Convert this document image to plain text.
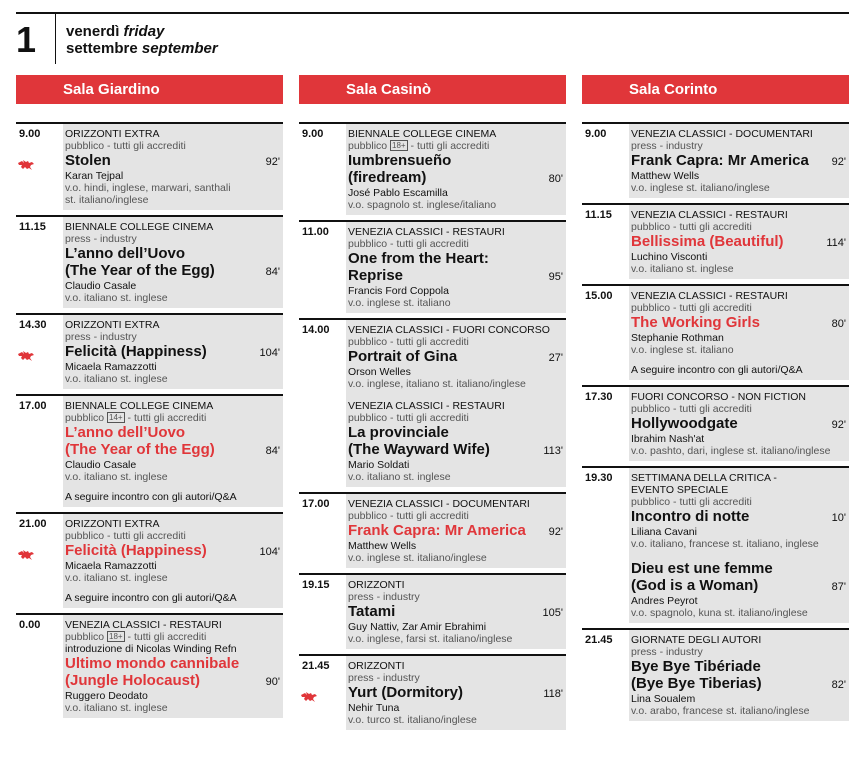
1 venerdì friday
settembre september
Sala Giardino
9.00 ORIZZONTI EXTRA
pubblico - tutti gli accrediti
Stolen	92'
Karan Tejpal
v.o. hindi, inglese, marwari, santhali
st. italiano/inglese
11.15 BIENNALE COLLEGE CINEMA
press - industry
L’anno dell’Uovo
(The Year of the Egg)	84'
Claudio Casale
v.o. italiano st. inglese
14.30 ORIZZONTI EXTRA
press - industry
Felicità (Happiness)	104'
Micaela Ramazzotti
v.o. italiano st. inglese
17.00 BIENNALE COLLEGE CINEMA
pubblico 14+ - tutti gli accrediti
L’anno dell’Uovo
(The Year of the Egg)	84'
Claudio Casale
v.o. italiano st. inglese
A seguire incontro con gli autori/Q&A
21.00 ORIZZONTI EXTRA
pubblico - tutti gli accrediti
Felicità (Happiness)	104'
Micaela Ramazzotti
v.o. italiano st. inglese
A seguire incontro con gli autori/Q&A
0.00 VENEZIA CLASSICI - RESTAURI
pubblico 18+ - tutti gli accrediti
introduzione di Nicolas Winding Refn
Ultimo mondo cannibale
(Jungle Holocaust)	90'
Ruggero Deodato
v.o. italiano st. inglese
Sala Casinò
9.00 BIENNALE COLLEGE CINEMA
pubblico 18+ - tutti gli accrediti
Iumbrensueño
(firedream)	80'
José Pablo Escamilla
v.o. spagnolo st. inglese/italiano
11.00 VENEZIA CLASSICI - RESTAURI
pubblico - tutti gli accrediti
One from the Heart: Reprise	95'
Francis Ford Coppola
v.o. inglese st. italiano
14.00 VENEZIA CLASSICI - FUORI CONCORSO
pubblico - tutti gli accrediti
Portrait of Gina	27'
Orson Welles
v.o. inglese, italiano st. italiano/inglese
VENEZIA CLASSICI - RESTAURI
pubblico - tutti gli accrediti
La provinciale
(The Wayward Wife)	113'
Mario Soldati
v.o. italiano st. inglese
17.00 VENEZIA CLASSICI - DOCUMENTARI
pubblico - tutti gli accrediti
Frank Capra: Mr America 92'
Matthew Wells
v.o. inglese st. italiano/inglese
19.15 ORIZZONTI
press - industry
Tatami	105'
Guy Nattiv, Zar Amir Ebrahimi
v.o. inglese, farsi st. italiano/inglese
21.45 ORIZZONTI
press - industry
Yurt (Dormitory)	118'
Nehir Tuna
v.o. turco st. italiano/inglese
Sala Corinto
9.00 VENEZIA CLASSICI - DOCUMENTARI
press - industry
Frank Capra: Mr America 92'
Matthew Wells
v.o. inglese st. italiano/inglese
11.15 VENEZIA CLASSICI - RESTAURI
pubblico - tutti gli accrediti
Bellissima (Beautiful)	114'
Luchino Visconti
v.o. italiano st. inglese
15.00 VENEZIA CLASSICI - RESTAURI
pubblico - tutti gli accrediti
The Working Girls	80'
Stephanie Rothman
v.o. inglese st. italiano
A seguire incontro con gli autori/Q&A
17.30 FUORI CONCORSO - NON FICTION
pubblico - tutti gli accrediti
Hollywoodgate	92'
Ibrahim Nash'at
v.o. pashto, dari, inglese st. italiano/inglese
19.30 SETTIMANA DELLA CRITICA -
EVENTO SPECIALE
pubblico - tutti gli accrediti
Incontro di notte	10'
Liliana Cavani
v.o. italiano, francese st. italiano, inglese
Dieu est une femme
(God is a Woman)	87'
Andres Peyrot
v.o. spagnolo, kuna st. italiano/inglese
21.45 GIORNATE DEGLI AUTORI
press - industry
Bye Bye Tibériade
(Bye Bye Tiberias)	82'
Lina Soualem
v.o. arabo, francese st. italiano/inglese
